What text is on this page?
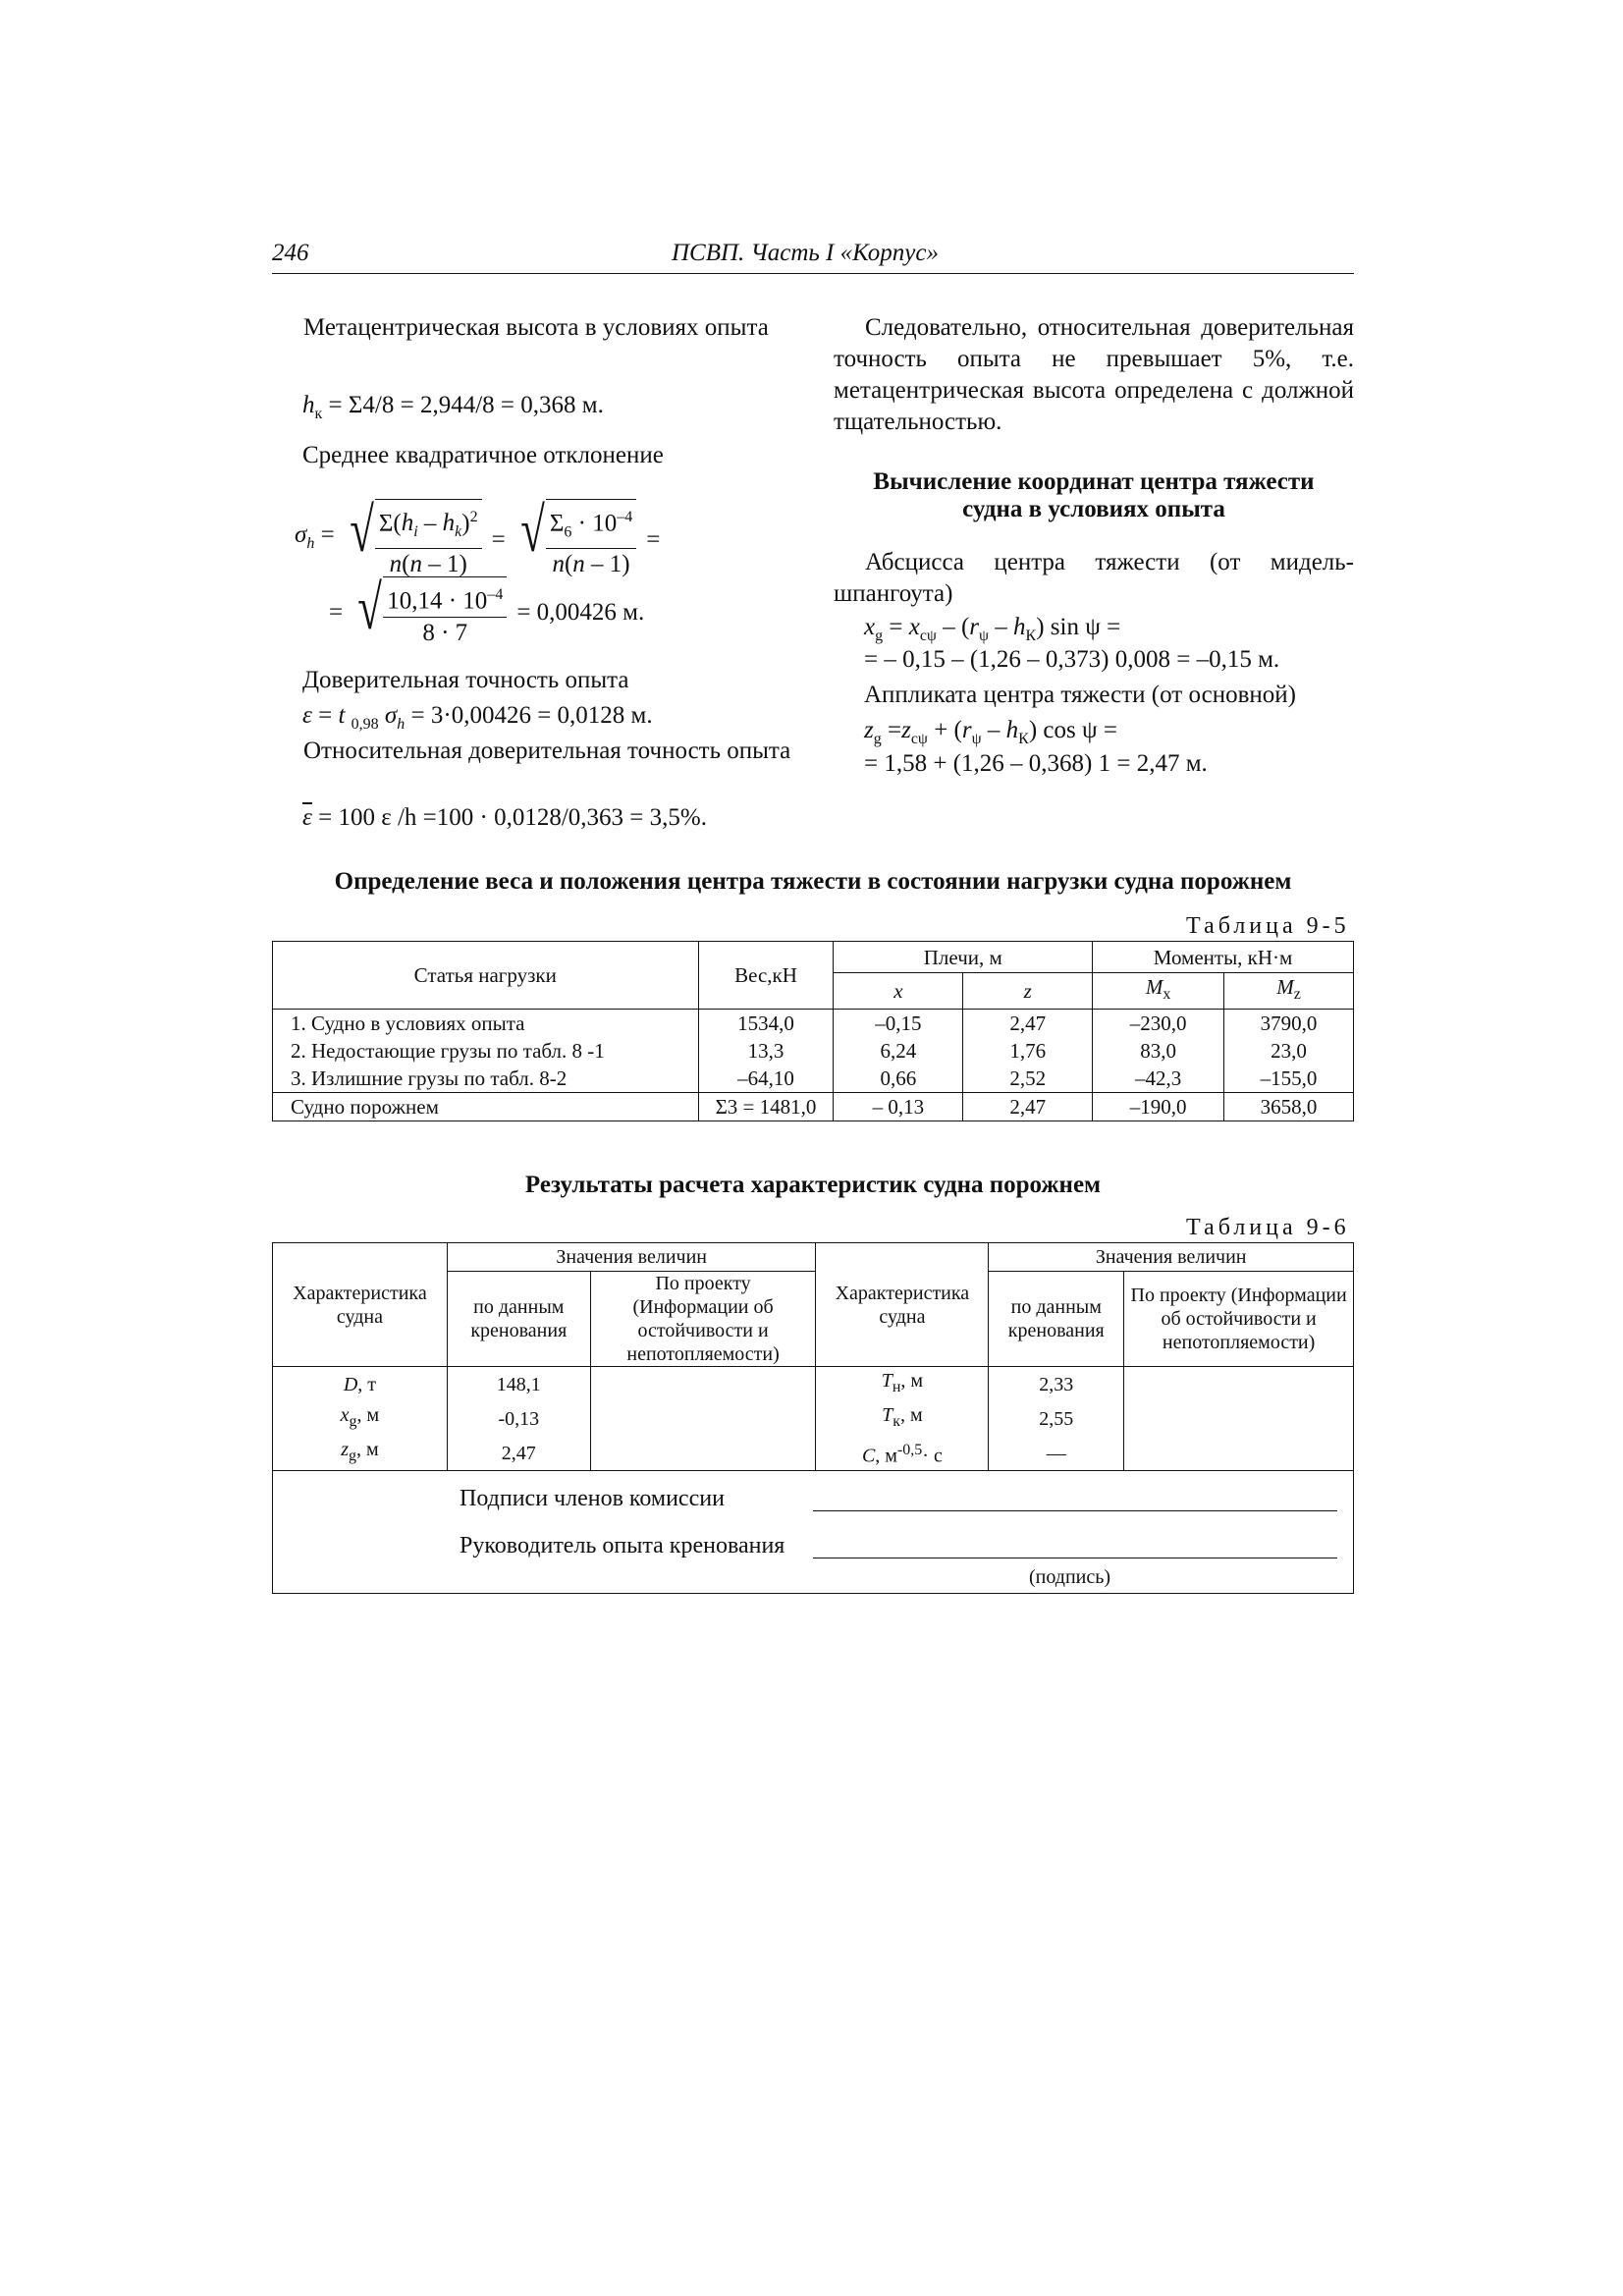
246	ПСВП. Часть I «Корпус»

Метацентрическая высота в условиях опыта

$h_к = \Sigma 4/8 = 2,944/8 = 0,368$ м.

Среднее квадратичное отклонение

$\sigma_h$ = √ $\frac{\Sigma(h_i - h_k)^2}{n(n - 1)}$ = √ $\frac{\Sigma_6 \cdot 10^{-4}}{n(n - 1)}$ =
= √ $\frac{10,14 \cdot 10^{-4}}{8 \cdot 7} = 0,00426$ м.

Доверительная точность опыта

ε = t $_{0,98}$ $\sigma_h = 3\cdot 0,00426 = 0,0128$ м.

Относительная доверительная точность опыта

$\overline{\varepsilon} = 100$ ε /h =100 · 0,0128/0,363 = 3,5%.

Следовательно, относительная доверительная точность опыта не превышает 5%, т.е. метацентрическая высота определена с должной тщательностью.

Вычисление координат центра тяжести
судна в условиях опыта

Абсцисса центра тяжести (от мидель-шпангоута)

$x_g = x_{c\psi} - (r_\psi - h_К)$ sin ψ =
= – 0,15 – (1,26 – 0,373) 0,008 = –0,15 м.

Аппликата центра тяжести (от основной)

$z_g =z_{c\psi} + (r_\psi - h_К)$ cos ψ =
= 1,58 + (1,26 – 0,368) 1 = 2,47 м.
Определение веса и положения центра тяжести в состоянии нагрузки судна порожнем
Таблица 9-5
Статья нагрузки	Вес,кН	Плечи, м		Моменты, кН·м	
		x	z	$M_x$	$M_z$
1. Судно в условиях опыта	1534,0	–0,15	2,47	–230,0	3790,0
2. Недостающие грузы по табл. 8 -1	13,3	6,24	1,76	83,0	23,0
3. Излишние грузы по табл. 8-2	–64,10	0,66	2,52	–42,3	–155,0
Судно порожнем	Σ3 = 1481,0	– 0,13	2,47	–190,0	3658,0
Результаты расчета характеристик судна порожнем
Таблица 9-6
Характеристика судна	Значения величин		Характеристика судна	Значения величин	
	по данным кренования	По проекту (Информации об остойчивости и непотопляемости)		по данным кренования	По проекту (Информации об остойчивости и непотопляемости)
D, т	148,1		$T_н$, м	2,33	
$x_g$, м	-0,13		$T_к$, м	2,55	
$z_g$, м	2,47		C, $м^{-0,5}\cdot с$	—	

Подписи членов комиссии
Руководитель опыта кренования
(подпись)					
